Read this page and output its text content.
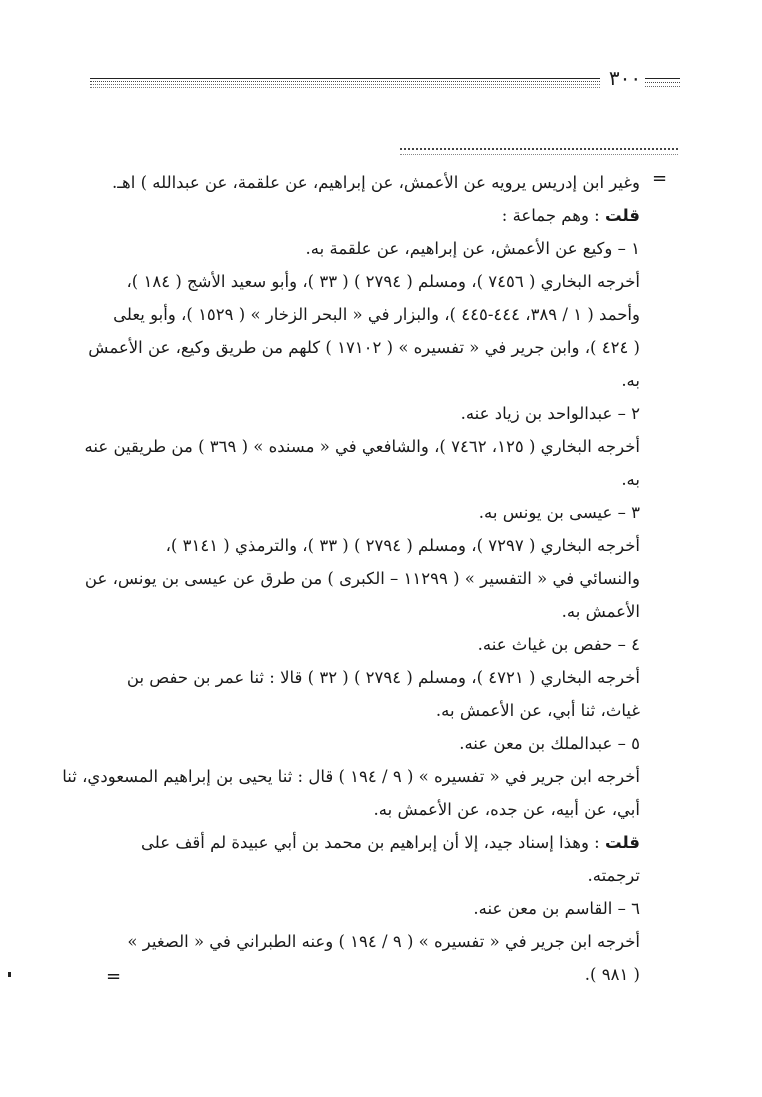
٣٠٠
=
=
وغير ابن إدريس يرويه عن الأعمش، عن إبراهيم، عن علقمة، عن عبدالله ) اهـ.
قلت : وهم جماعة :
١ – وكيع عن الأعمش، عن إبراهيم، عن علقمة به.
أخرجه البخاري ( ٧٤٥٦ )، ومسلم ( ٢٧٩٤ ) ( ٣٣ )، وأبو سعيد الأشج ( ١٨٤ )،
وأحمد ( ١ / ٣٨٩، ٤٤٤-٤٤٥ )، والبزار في « البحر الزخار » ( ١٥٢٩ )، وأبو يعلى
( ٤٢٤ )، وابن جرير في « تفسيره » ( ١٧١٠٢ ) كلهم من طريق وكيع، عن الأعمش
به.
٢ – عبدالواحد بن زياد عنه.
أخرجه البخاري ( ١٢٥، ٧٤٦٢ )، والشافعي في « مسنده » ( ٣٦٩ ) من طريقين عنه
به.
٣ – عيسى بن يونس به.
أخرجه البخاري ( ٧٢٩٧ )، ومسلم ( ٢٧٩٤ ) ( ٣٣ )، والترمذي ( ٣١٤١ )،
والنسائي في « التفسير » ( ١١٢٩٩ – الكبرى ) من طرق عن عيسى بن يونس، عن
الأعمش به.
٤ – حفص بن غياث عنه.
أخرجه البخاري ( ٤٧٢١ )، ومسلم ( ٢٧٩٤ ) ( ٣٢ ) قالا : ثنا عمر بن حفص بن
غياث، ثنا أبي، عن الأعمش به.
٥ – عبدالملك بن معن عنه.
أخرجه ابن جرير في « تفسيره » ( ٩ / ١٩٤ ) قال : ثنا يحيى بن إبراهيم المسعودي، ثنا
أبي، عن أبيه، عن جده، عن الأعمش به.
قلت : وهذا إسناد جيد، إلا أن إبراهيم بن محمد بن أبي عبيدة لم أقف على
ترجمته.
٦ – القاسم بن معن عنه.
أخرجه ابن جرير في « تفسيره » ( ٩ / ١٩٤ ) وعنه الطبراني في « الصغير »
( ٩٨١ ).
